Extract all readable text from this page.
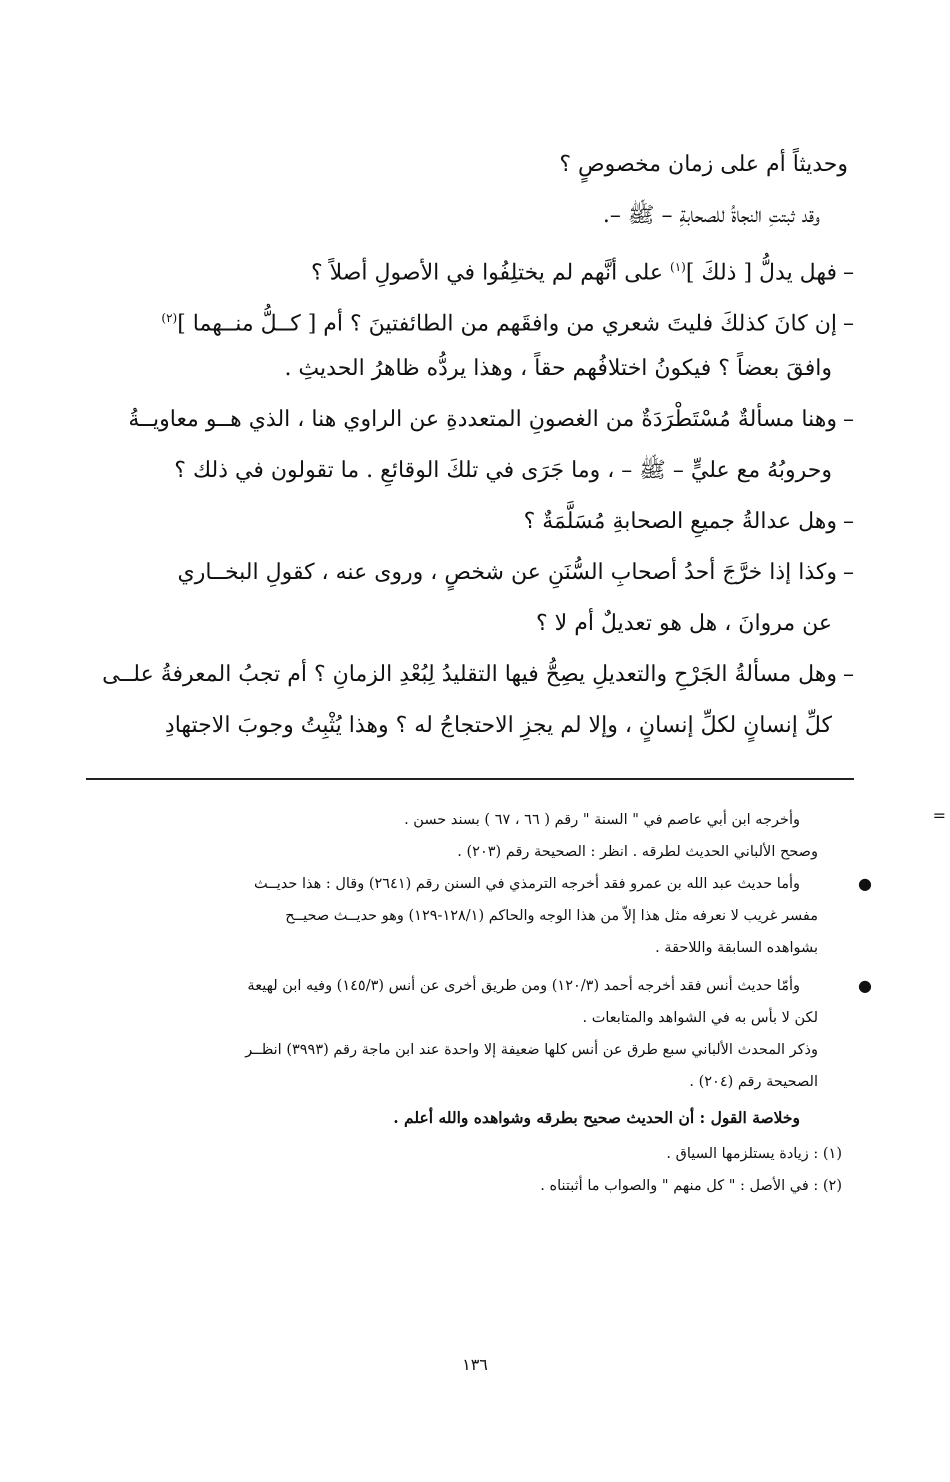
وحديثاً أم على زمان مخصوصٍ ؟
وقد ثبتتِ النجاةُ للصحابةِ – ﷺ –.
–فهل يدلُّ [ ذلكَ ]$^{(١)}$ على أنَّهم لم يختلِفُوا في الأصولِ أصلاً ؟
–إن كانَ كذلكَ فليتَ شعري من وافقَهم من الطائفتينَ ؟ أم [ كــلُّ منــهما ]$^{(٢)}$
وافقَ بعضاً ؟ فيكونُ اختلافُهم حقاً ، وهذا يردُّه ظاهرُ الحديثِ .
–وهنا مسألةٌ مُسْتَطْرَدَةٌ من الغصونِ المتعددةِ عن الراوي هنا ، الذي هــو معاويــةُ
وحروبُهُ مع عليٍّ – ﷺ – ، وما جَرَى في تلكَ الوقائعِ . ما تقولون في ذلك ؟
–وهل عدالةُ جميعِ الصحابةِ مُسَلَّمَةٌ ؟
–وكذا إذا خرَّجَ أحدُ أصحابِ السُّنَنِ عن شخصٍ ، وروى عنه ، كقولِ البخــاري
عن مروانَ ، هل هو تعديلٌ أم لا ؟
–وهل مسألةُ الجَرْحِ والتعديلِ يصِحُّ فيها التقليدُ لِبُعْدِ الزمانِ ؟ أم تجبُ المعرفةُ علــى
كلِّ إنسانٍ لكلِّ إنسانٍ ، وإلا لم يجزِ الاحتجاجُ له ؟ وهذا يُثْبِتُ وجوبَ الاجتهادِ
=
وأخرجه ابن أبي عاصم في " السنة " رقم ( ٦٦ ، ٦٧ ) بسند حسن .
وصحح الألباني الحديث لطرقه . انظر : الصحيحة رقم (٢٠٣) .
●
وأما حديث عبد الله بن عمرو فقد أخرجه الترمذي في السنن رقم (٢٦٤١) وقال : هذا حديــث
مفسر غريب لا نعرفه مثل هذا إلاّ من هذا الوجه والحاكم (١٢٨/١-١٢٩) وهو حديــث صحيــح
بشواهده السابقة واللاحقة .
●
وأمّا حديث أنس فقد أخرجه أحمد (١٢٠/٣) ومن طريق أخرى عن أنس (١٤٥/٣) وفيه ابن لهيعة
لكن لا بأس به في الشواهد والمتابعات .
وذكر المحدث الألباني سبع طرق عن أنس كلها ضعيفة إلا واحدة عند ابن ماجة رقم (٣٩٩٣) انظــر
الصحيحة رقم (٢٠٤) .
وخلاصة القول : أن الحديث صحيح بطرقه وشواهده والله أعلم .
(١) : زيادة يستلزمها السياق .
(٢) : في الأصل : " كل منهم " والصواب ما أثبتناه .
١٣٦
